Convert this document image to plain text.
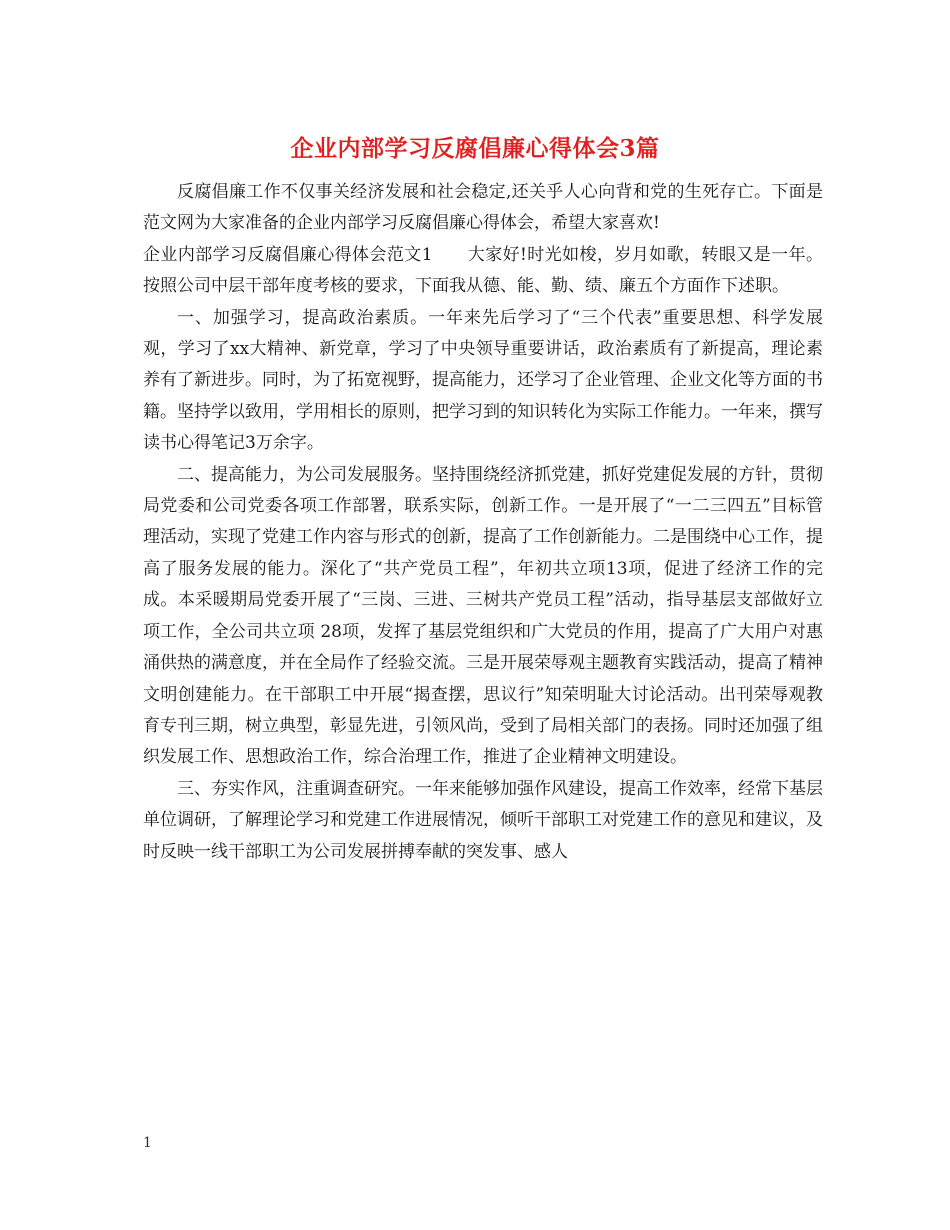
企业内部学习反腐倡廉心得体会3篇

反腐倡廉工作不仅事关经济发展和社会稳定,还关乎人心向背和党的生死存亡。下面是范文网为大家准备的企业内部学习反腐倡廉心得体会，希望大家喜欢!

企业内部学习反腐倡廉心得体会范文1　　大家好!时光如梭，岁月如歌，转眼又是一年。按照公司中层干部年度考核的要求，下面我从德、能、勤、绩、廉五个方面作下述职。

一、加强学习，提高政治素质。一年来先后学习了“三个代表”重要思想、科学发展观，学习了xx大精神、新党章，学习了中央领导重要讲话，政治素质有了新提高，理论素养有了新进步。同时，为了拓宽视野，提高能力，还学习了企业管理、企业文化等方面的书籍。坚持学以致用，学用相长的原则，把学习到的知识转化为实际工作能力。一年来，撰写读书心得笔记3万余字。

二、提高能力，为公司发展服务。坚持围绕经济抓党建，抓好党建促发展的方针，贯彻局党委和公司党委各项工作部署，联系实际，创新工作。一是开展了“一二三四五”目标管理活动，实现了党建工作内容与形式的创新，提高了工作创新能力。二是围绕中心工作，提高了服务发展的能力。深化了“共产党员工程”，年初共立项13项，促进了经济工作的完成。本采暖期局党委开展了“三岗、三进、三树共产党员工程”活动，指导基层支部做好立项工作，全公司共立项 28项，发挥了基层党组织和广大党员的作用，提高了广大用户对惠涌供热的满意度，并在全局作了经验交流。三是开展荣辱观主题教育实践活动，提高了精神文明创建能力。在干部职工中开展“揭查摆，思议行”知荣明耻大讨论活动。出刊荣辱观教育专刊三期，树立典型，彰显先进，引领风尚，受到了局相关部门的表扬。同时还加强了组织发展工作、思想政治工作，综合治理工作，推进了企业精神文明建设。

三、夯实作风，注重调查研究。一年来能够加强作风建设，提高工作效率，经常下基层单位调研，了解理论学习和党建工作进展情况，倾听干部职工对党建工作的意见和建议，及时反映一线干部职工为公司发展拼搏奉献的突发事、感人

1
